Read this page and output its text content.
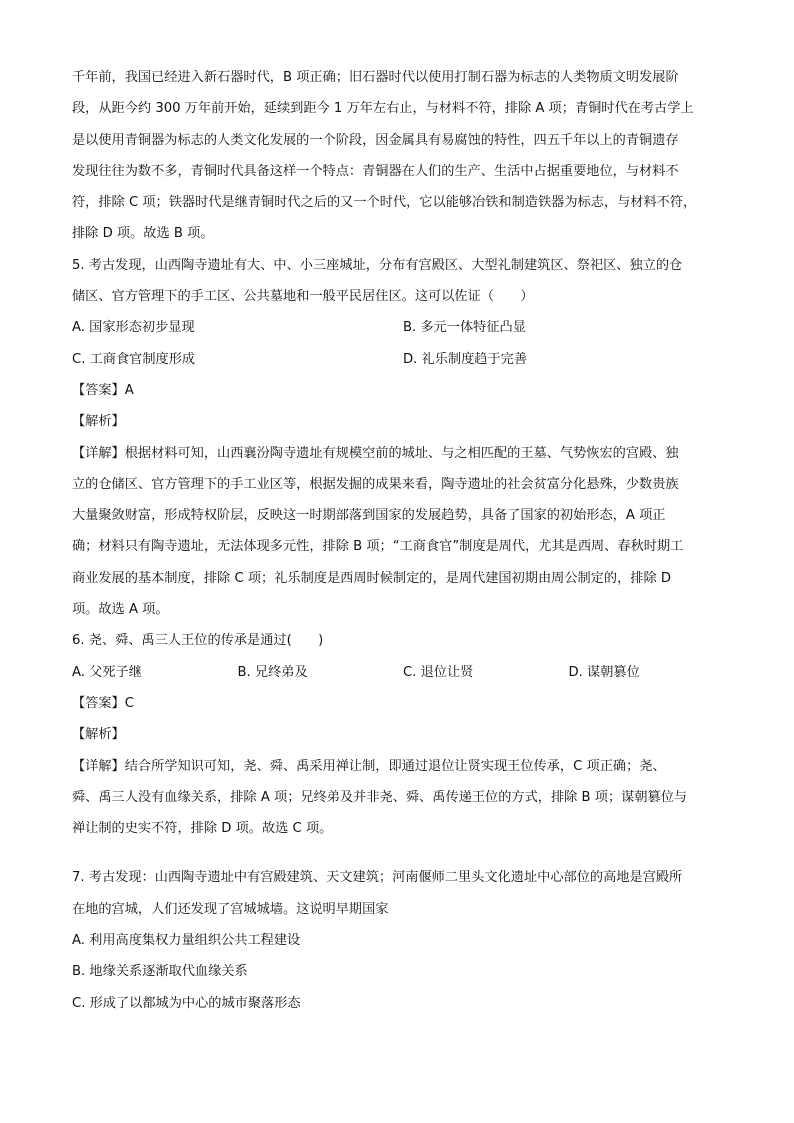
千年前，我国已经进入新石器时代，B 项正确；旧石器时代以使用打制石器为标志的人类物质文明发展阶
段，从距今约 300 万年前开始，延续到距今 1 万年左右止，与材料不符，排除 A 项；青铜时代在考古学上
是以使用青铜器为标志的人类文化发展的一个阶段，因金属具有易腐蚀的特性，四五千年以上的青铜遗存
发现往往为数不多，青铜时代具备这样一个特点：青铜器在人们的生产、生活中占据重要地位，与材料不
符，排除 C 项；铁器时代是继青铜时代之后的又一个时代，它以能够冶铁和制造铁器为标志，与材料不符，
排除 D 项。故选 B 项。
5. 考古发现，山西陶寺遗址有大、中、小三座城址，分布有宫殿区、大型礼制建筑区、祭祀区、独立的仓
储区、官方管理下的手工区、公共墓地和一般平民居住区。这可以佐证（　　）
A. 国家形态初步显现	B. 多元一体特征凸显
C. 工商食官制度形成	D. 礼乐制度趋于完善
【答案】A
【解析】
【详解】根据材料可知，山西襄汾陶寺遗址有规模空前的城址、与之相匹配的王墓、气势恢宏的宫殿、独
立的仓储区、官方管理下的手工业区等，根据发掘的成果来看，陶寺遗址的社会贫富分化悬殊，少数贵族
大量聚敛财富，形成特权阶层，反映这一时期部落到国家的发展趋势，具备了国家的初始形态，A 项正
确；材料只有陶寺遗址，无法体现多元性，排除 B 项；“工商食官”制度是周代，尤其是西周、春秋时期工
商业发展的基本制度，排除 C 项；礼乐制度是西周时候制定的，是周代建国初期由周公制定的，排除 D
项。故选 A 项。
6. 尧、舜、禹三人王位的传承是通过(　　)
A. 父死子继	B. 兄终弟及	C. 退位让贤	D. 谋朝篡位
【答案】C
【解析】
【详解】结合所学知识可知，尧、舜、禹采用禅让制，即通过退位让贤实现王位传承，C 项正确；尧、
舜、禹三人没有血缘关系，排除 A 项；兄终弟及并非尧、舜、禹传递王位的方式，排除 B 项；谋朝篡位与
禅让制的史实不符，排除 D 项。故选 C 项。
7. 考古发现：山西陶寺遗址中有宫殿建筑、天文建筑；河南偃师二里头文化遗址中心部位的高地是宫殿所
在地的宫城，人们还发现了宫城城墙。这说明早期国家
A. 利用高度集权力量组织公共工程建设
B. 地缘关系逐渐取代血缘关系
C. 形成了以都城为中心的城市聚落形态
